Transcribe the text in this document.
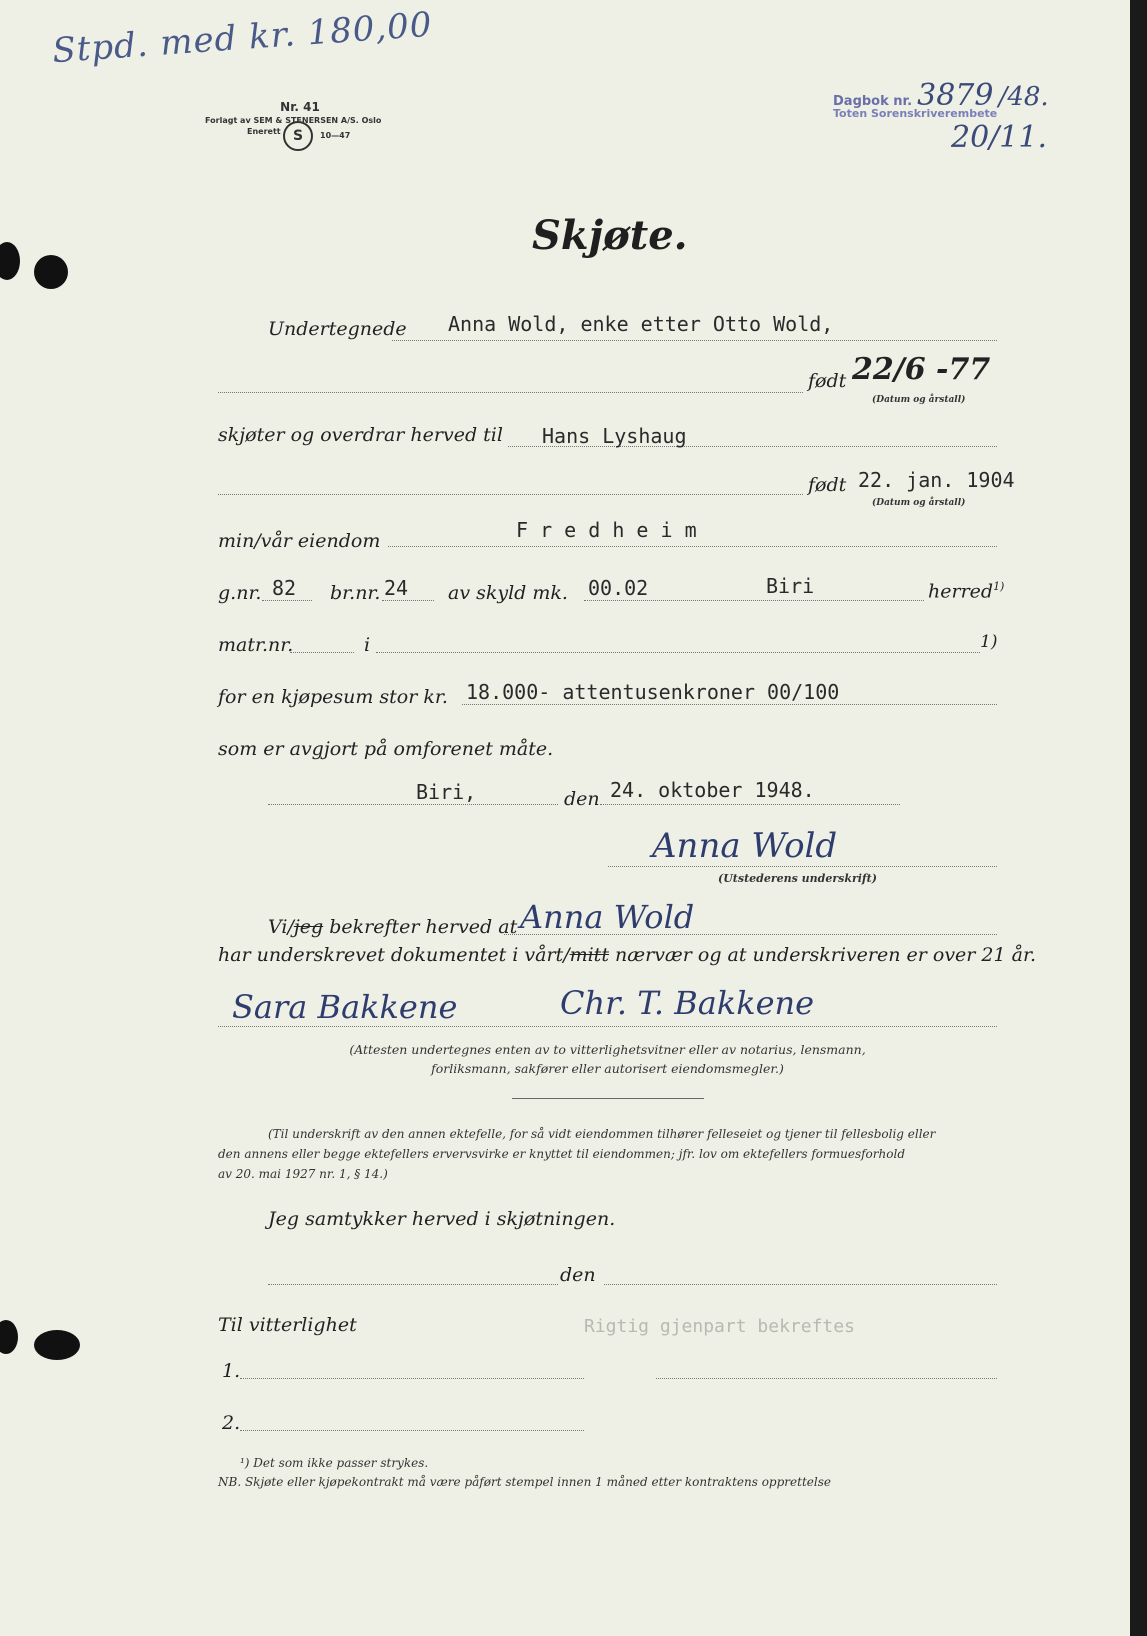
Stpd. med kr. 180,00
Nr. 41
Forlagt av SEM & STENERSEN A/S. Oslo
Enerett S	10—47
Dagbok nr. 3879 /48.
Toten Sorenskriverembete
20/11.
Skjøte.
Undertegnede Anna Wold, enke etter Otto Wold,
født 22/6 -77
(Datum og årstall)
skjøter og overdrar herved til Hans Lyshaug
født 22. jan. 1904
(Datum og årstall)
min/vår eiendom	F r e d h e i m
g.nr. 82 br.nr. 24 av skyld mk. 00.02	Biri	herred$^{1)}$
matr.nr.	i	1)
for en kjøpesum stor kr. 18.000- attentusenkroner 00/100
som er avgjort på omforenet måte.
Biri,	den 24. oktober 1948.
Anna Wold
(Utstederens underskrift)
Vi/jeg bekrefter herved at Anna Wold
har underskrevet dokumentet i vårt/mitt nærvær og at underskriveren er over 21 år.
Sara Bakkene	Chr. T. Bakkene
(Attesten undertegnes enten av to vitterlighetsvitner eller av notarius, lensmann,
forliksmann, sakfører eller autorisert eiendomsmegler.)
(Til underskrift av den annen ektefelle, for så vidt eiendommen tilhører felleseiet og tjener til fellesbolig eller
den annens eller begge ektefellers ervervsvirke er knyttet til eiendommen; jfr. lov om ektefellers formuesforhold
av 20. mai 1927 nr. 1, § 14.)
Jeg samtykker herved i skjøtningen.
den
Til vitterlighet	Rigtig gjenpart bekreftes
1.
2.
¹) Det som ikke passer strykes.
NB. Skjøte eller kjøpekontrakt må være påført stempel innen 1 måned etter kontraktens opprettelse
